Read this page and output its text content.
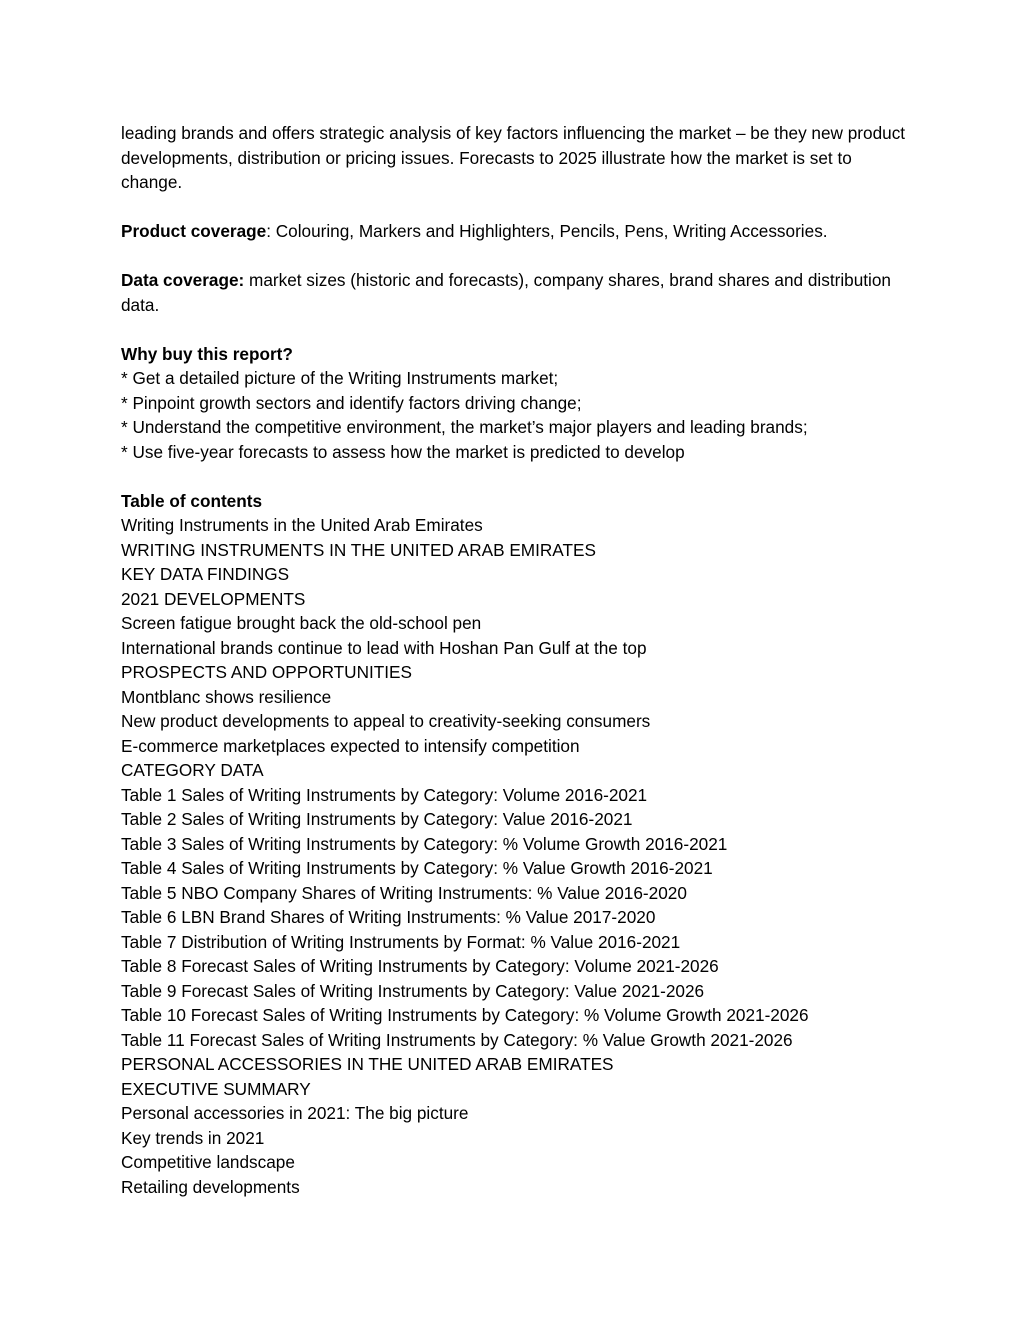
leading brands and offers strategic analysis of key factors influencing the market – be they new product developments, distribution or pricing issues. Forecasts to 2025 illustrate how the market is set to change.
Product coverage: Colouring, Markers and Highlighters, Pencils, Pens, Writing Accessories.
Data coverage: market sizes (historic and forecasts), company shares, brand shares and distribution data.
Why buy this report?
* Get a detailed picture of the Writing Instruments market;
* Pinpoint growth sectors and identify factors driving change;
* Understand the competitive environment, the market’s major players and leading brands;
* Use five-year forecasts to assess how the market is predicted to develop
Table of contents
Writing Instruments in the United Arab Emirates
WRITING INSTRUMENTS IN THE UNITED ARAB EMIRATES
KEY DATA FINDINGS
2021 DEVELOPMENTS
Screen fatigue brought back the old-school pen
International brands continue to lead with Hoshan Pan Gulf at the top
PROSPECTS AND OPPORTUNITIES
Montblanc shows resilience
New product developments to appeal to creativity-seeking consumers
E-commerce marketplaces expected to intensify competition
CATEGORY DATA
Table 1 Sales of Writing Instruments by Category: Volume 2016-2021
Table 2 Sales of Writing Instruments by Category: Value 2016-2021
Table 3 Sales of Writing Instruments by Category: % Volume Growth 2016-2021
Table 4 Sales of Writing Instruments by Category: % Value Growth 2016-2021
Table 5 NBO Company Shares of Writing Instruments: % Value 2016-2020
Table 6 LBN Brand Shares of Writing Instruments: % Value 2017-2020
Table 7 Distribution of Writing Instruments by Format: % Value 2016-2021
Table 8 Forecast Sales of Writing Instruments by Category: Volume 2021-2026
Table 9 Forecast Sales of Writing Instruments by Category: Value 2021-2026
Table 10 Forecast Sales of Writing Instruments by Category: % Volume Growth 2021-2026
Table 11 Forecast Sales of Writing Instruments by Category: % Value Growth 2021-2026
PERSONAL ACCESSORIES IN THE UNITED ARAB EMIRATES
EXECUTIVE SUMMARY
Personal accessories in 2021: The big picture
Key trends in 2021
Competitive landscape
Retailing developments
